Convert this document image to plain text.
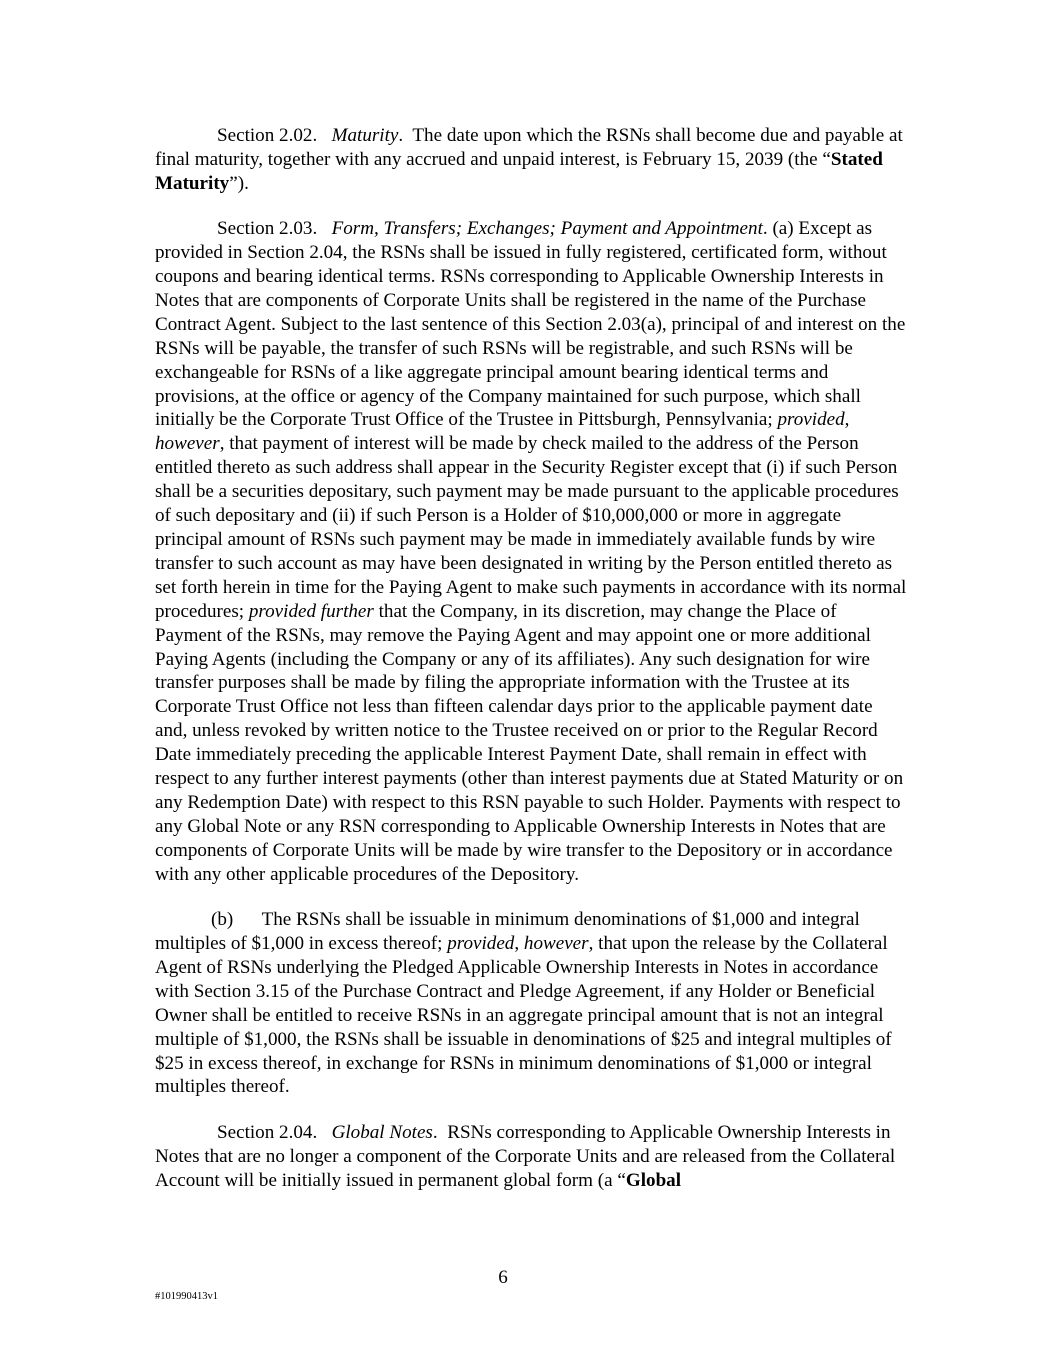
Section 2.02. Maturity.  The date upon which the RSNs shall become due and payable at final maturity, together with any accrued and unpaid interest, is February 15, 2039 (the “Stated Maturity”).

Section 2.03. Form, Transfers; Exchanges; Payment and Appointment. (a) Except as provided in Section 2.04, the RSNs shall be issued in fully registered, certificated form, without coupons and bearing identical terms. RSNs corresponding to Applicable Ownership Interests in Notes that are components of Corporate Units shall be registered in the name of the Purchase Contract Agent. Subject to the last sentence of this Section 2.03(a), principal of and interest on the RSNs will be payable, the transfer of such RSNs will be registrable, and such RSNs will be exchangeable for RSNs of a like aggregate principal amount bearing identical terms and provisions, at the office or agency of the Company maintained for such purpose, which shall initially be the Corporate Trust Office of the Trustee in Pittsburgh, Pennsylvania; provided, however, that payment of interest will be made by check mailed to the address of the Person entitled thereto as such address shall appear in the Security Register except that (i) if such Person shall be a securities depositary, such payment may be made pursuant to the applicable procedures of such depositary and (ii) if such Person is a Holder of $10,000,000 or more in aggregate principal amount of RSNs such payment may be made in immediately available funds by wire transfer to such account as may have been designated in writing by the Person entitled thereto as set forth herein in time for the Paying Agent to make such payments in accordance with its normal procedures; provided further that the Company, in its discretion, may change the Place of Payment of the RSNs, may remove the Paying Agent and may appoint one or more additional Paying Agents (including the Company or any of its affiliates). Any such designation for wire transfer purposes shall be made by filing the appropriate information with the Trustee at its Corporate Trust Office not less than fifteen calendar days prior to the applicable payment date and, unless revoked by written notice to the Trustee received on or prior to the Regular Record Date immediately preceding the applicable Interest Payment Date, shall remain in effect with respect to any further interest payments (other than interest payments due at Stated Maturity or on any Redemption Date) with respect to this RSN payable to such Holder. Payments with respect to any Global Note or any RSN corresponding to Applicable Ownership Interests in Notes that are components of Corporate Units will be made by wire transfer to the Depository or in accordance with any other applicable procedures of the Depository.

(b) The RSNs shall be issuable in minimum denominations of $1,000 and integral multiples of $1,000 in excess thereof; provided, however, that upon the release by the Collateral Agent of RSNs underlying the Pledged Applicable Ownership Interests in Notes in accordance with Section 3.15 of the Purchase Contract and Pledge Agreement, if any Holder or Beneficial Owner shall be entitled to receive RSNs in an aggregate principal amount that is not an integral multiple of $1,000, the RSNs shall be issuable in denominations of $25 and integral multiples of $25 in excess thereof, in exchange for RSNs in minimum denominations of $1,000 or integral multiples thereof.

Section 2.04. Global Notes.  RSNs corresponding to Applicable Ownership Interests in Notes that are no longer a component of the Corporate Units and are released from the Collateral Account will be initially issued in permanent global form (a “Global

6
#101990413v1
